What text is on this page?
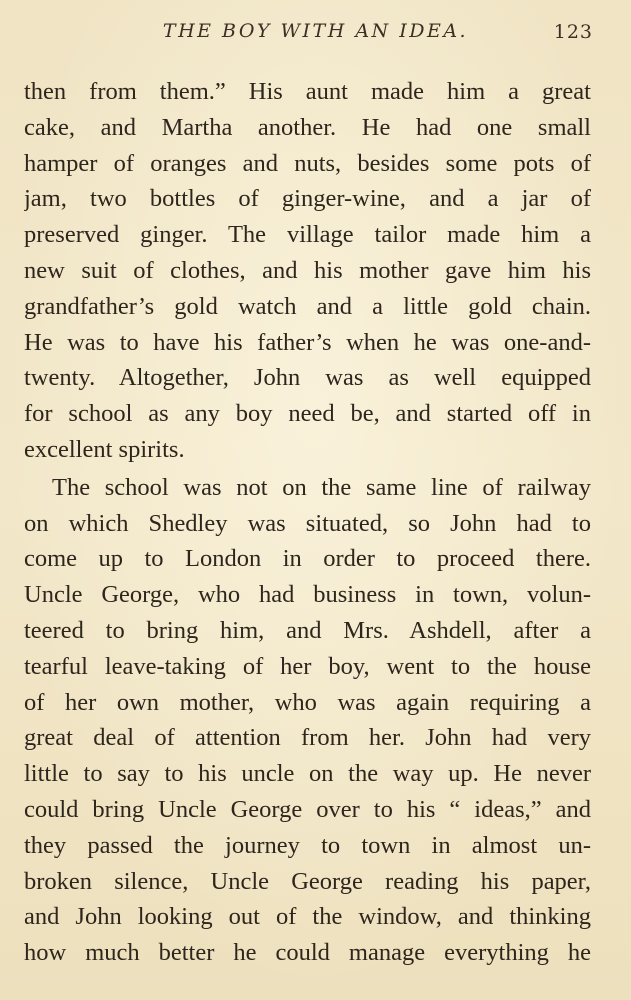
THE BOY WITH AN IDEA.	123
then from them.” His aunt made him a great
cake, and Martha another. He had one small
hamper of oranges and nuts, besides some pots of
jam, two bottles of ginger-wine, and a jar of
preserved ginger. The village tailor made him a
new suit of clothes, and his mother gave him his
grandfather’s gold watch and a little gold chain.
He was to have his father’s when he was one-and-
twenty. Altogether, John was as well equipped
for school as any boy need be, and started off in
excellent spirits.
The school was not on the same line of railway
on which Shedley was situated, so John had to
come up to London in order to proceed there.
Uncle George, who had business in town, volun-
teered to bring him, and Mrs. Ashdell, after a
tearful leave-taking of her boy, went to the house
of her own mother, who was again requiring a
great deal of attention from her. John had very
little to say to his uncle on the way up. He never
could bring Uncle George over to his “ ideas,” and
they passed the journey to town in almost un-
broken silence, Uncle George reading his paper,
and John looking out of the window, and thinking
how much better he could manage everything he
